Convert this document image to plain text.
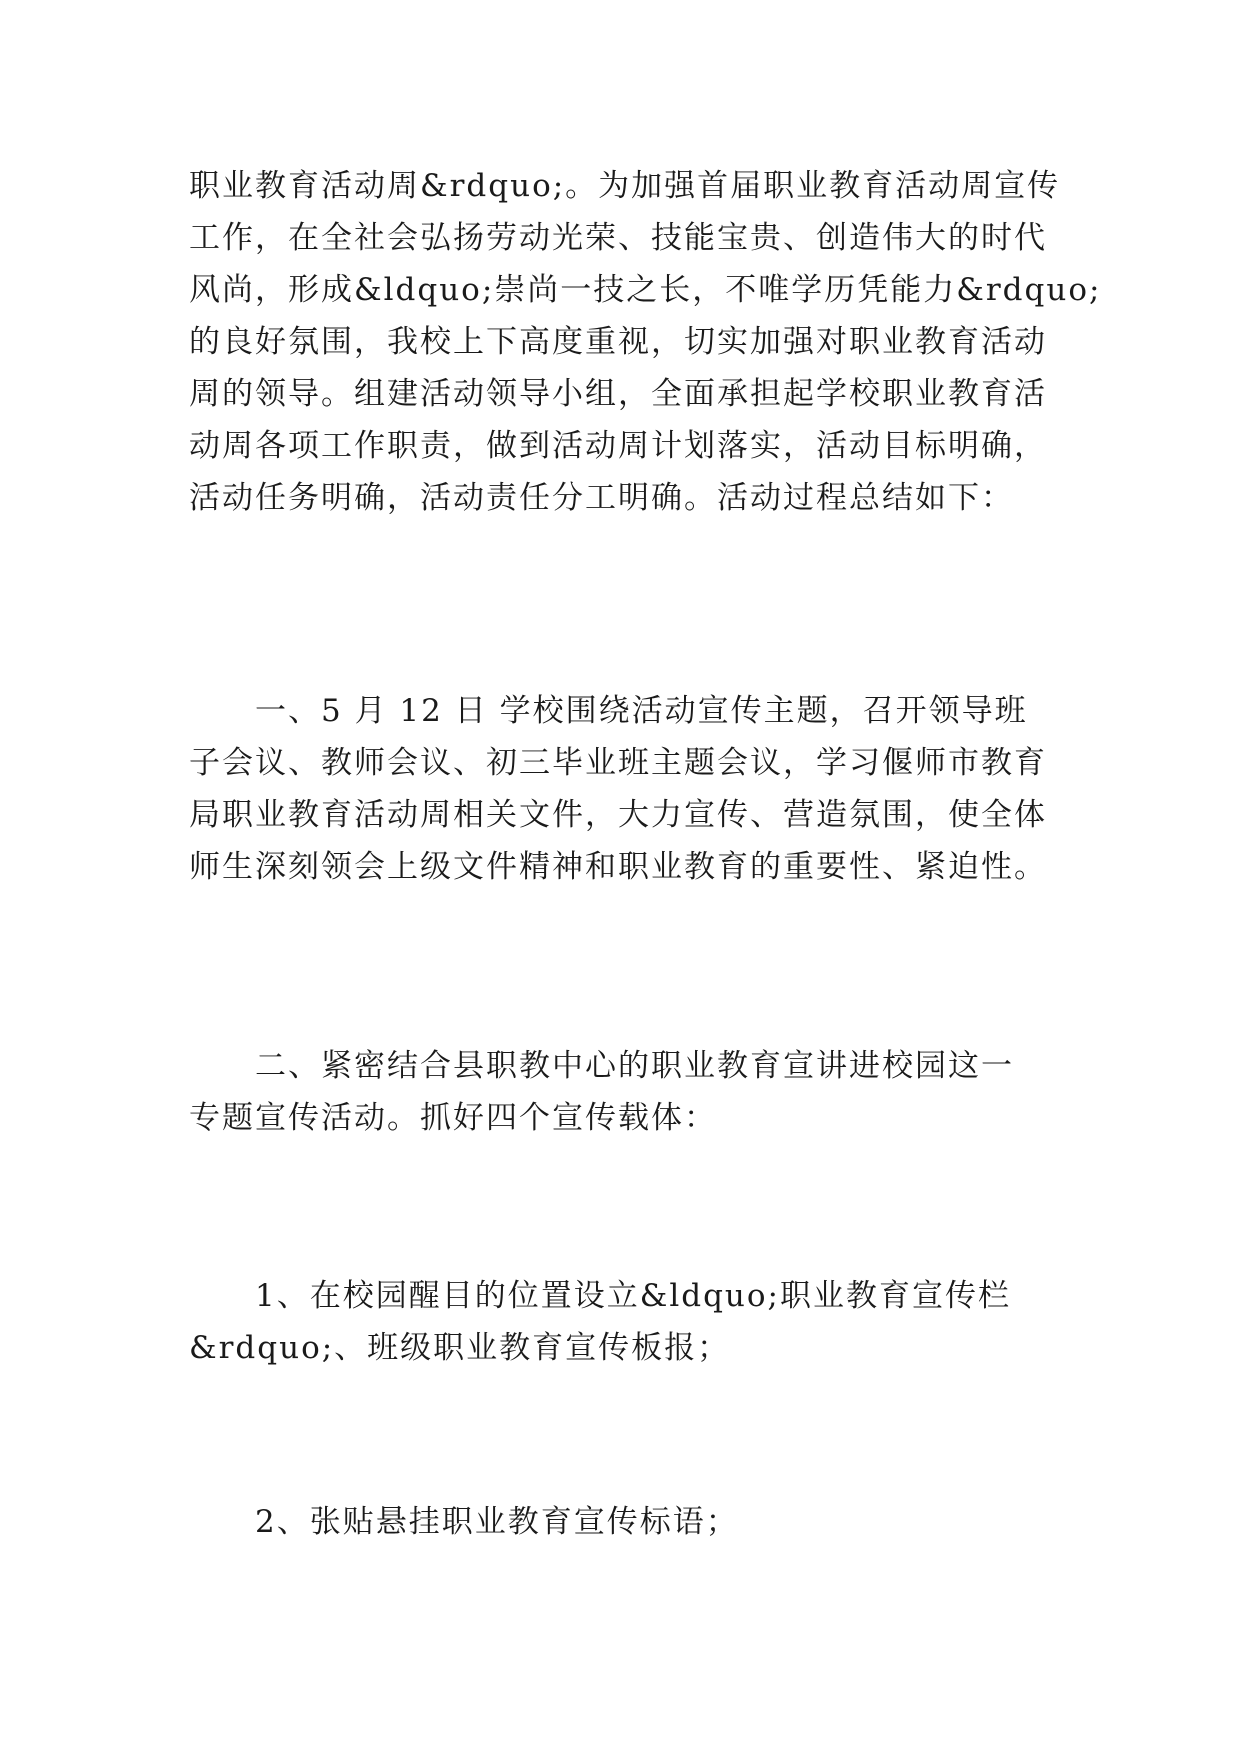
职业教育活动周&rdquo;。为加强首届职业教育活动周宣传
工作，在全社会弘扬劳动光荣、技能宝贵、创造伟大的时代
风尚，形成&ldquo;崇尚一技之长，不唯学历凭能力&rdquo;
的良好氛围，我校上下高度重视，切实加强对职业教育活动
周的领导。组建活动领导小组，全面承担起学校职业教育活
动周各项工作职责，做到活动周计划落实，活动目标明确，
活动任务明确，活动责任分工明确。活动过程总结如下：

　　一、5 月 12 日 学校围绕活动宣传主题，召开领导班
子会议、教师会议、初三毕业班主题会议，学习偃师市教育
局职业教育活动周相关文件，大力宣传、营造氛围，使全体
师生深刻领会上级文件精神和职业教育的重要性、紧迫性。

　　二、紧密结合县职教中心的职业教育宣讲进校园这一
专题宣传活动。抓好四个宣传载体：

　　1、在校园醒目的位置设立&ldquo;职业教育宣传栏
&rdquo;、班级职业教育宣传板报；

　　2、张贴悬挂职业教育宣传标语；
